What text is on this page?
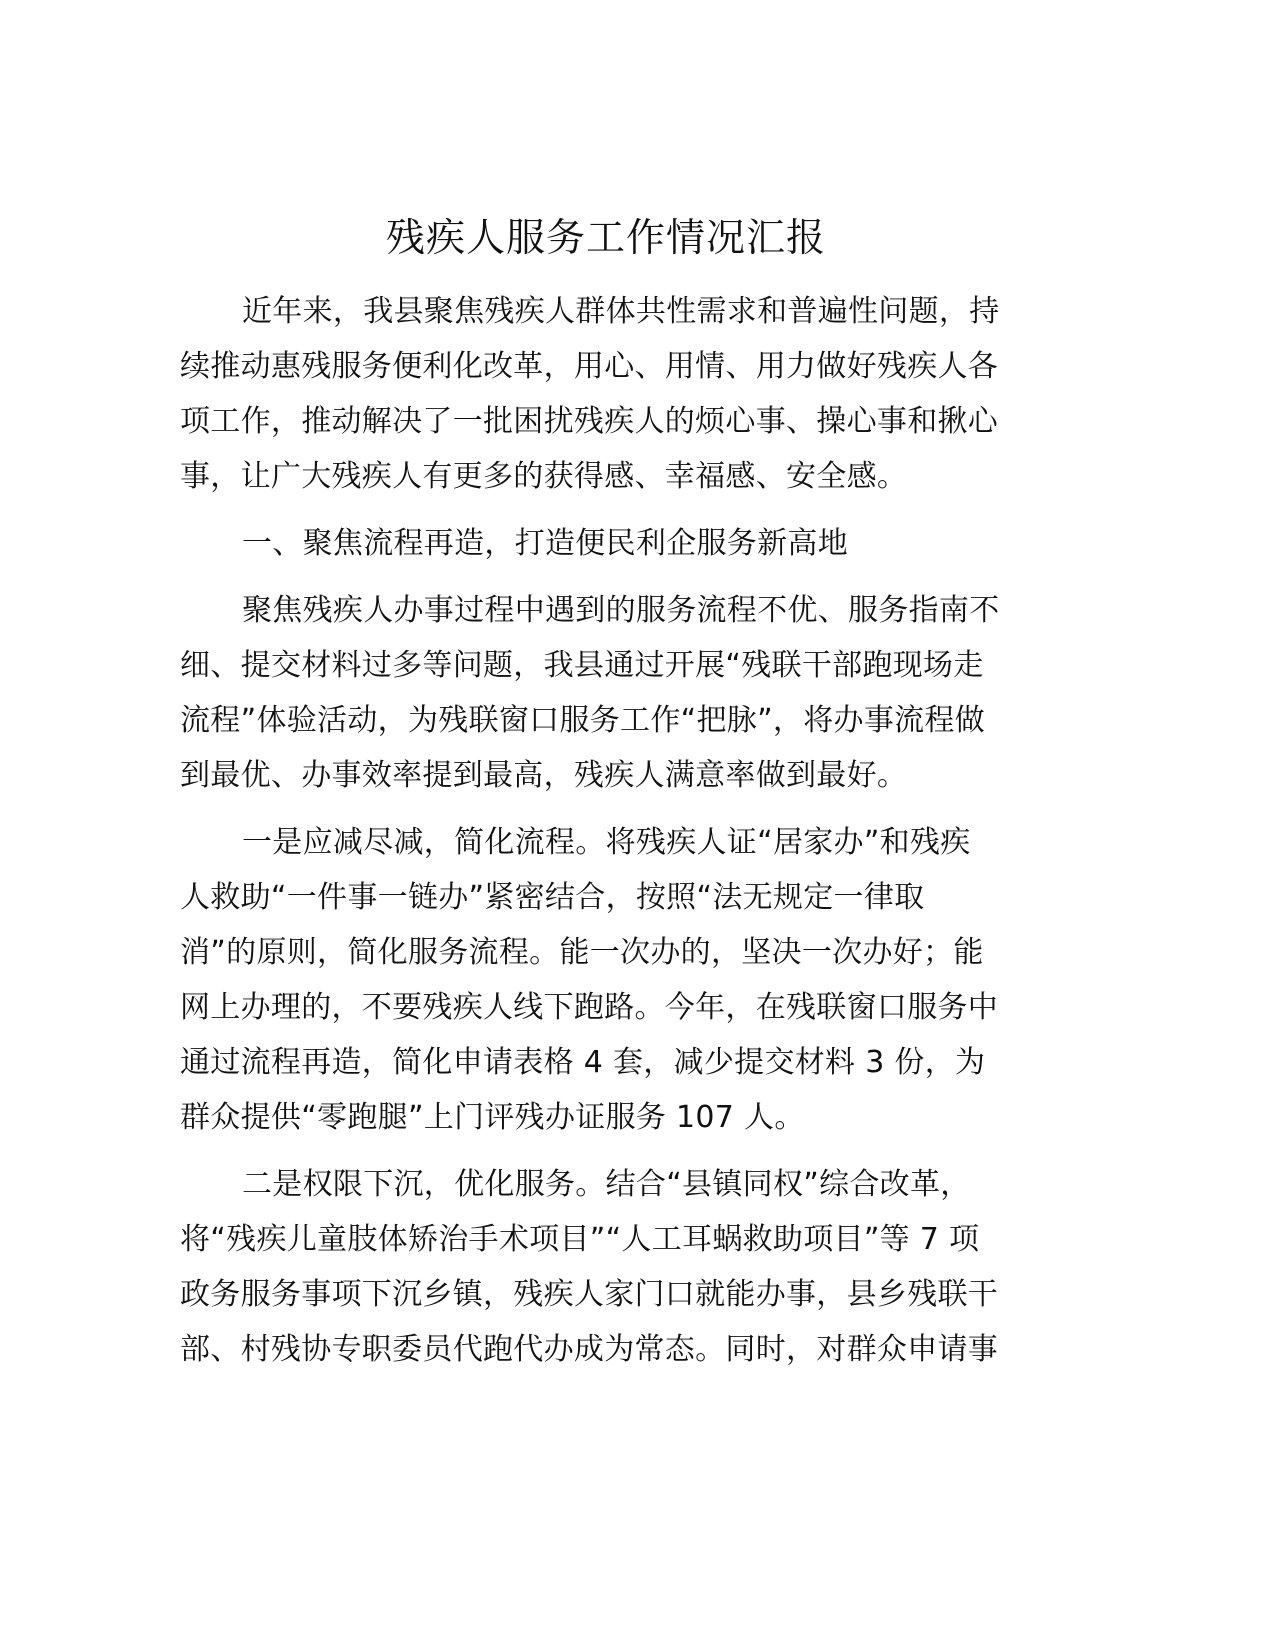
残疾人服务工作情况汇报

近年来，我县聚焦残疾人群体共性需求和普遍性问题，持
续推动惠残服务便利化改革，用心、用情、用力做好残疾人各
项工作，推动解决了一批困扰残疾人的烦心事、操心事和揪心
事，让广大残疾人有更多的获得感、幸福感、安全感。

一、聚焦流程再造，打造便民利企服务新高地

聚焦残疾人办事过程中遇到的服务流程不优、服务指南不
细、提交材料过多等问题，我县通过开展“残联干部跑现场走
流程”体验活动，为残联窗口服务工作“把脉”，将办事流程做
到最优、办事效率提到最高，残疾人满意率做到最好。

一是应减尽减，简化流程。将残疾人证“居家办”和残疾
人救助“一件事一链办”紧密结合，按照“法无规定一律取
消”的原则，简化服务流程。能一次办的，坚决一次办好；能
网上办理的，不要残疾人线下跑路。今年，在残联窗口服务中
通过流程再造，简化申请表格 4 套，减少提交材料 3 份，为
群众提供“零跑腿”上门评残办证服务 107 人。

二是权限下沉，优化服务。结合“县镇同权”综合改革，
将“残疾儿童肢体矫治手术项目”“人工耳蜗救助项目”等 7 项
政务服务事项下沉乡镇，残疾人家门口就能办事，县乡残联干
部、村残协专职委员代跑代办成为常态。同时，对群众申请事
